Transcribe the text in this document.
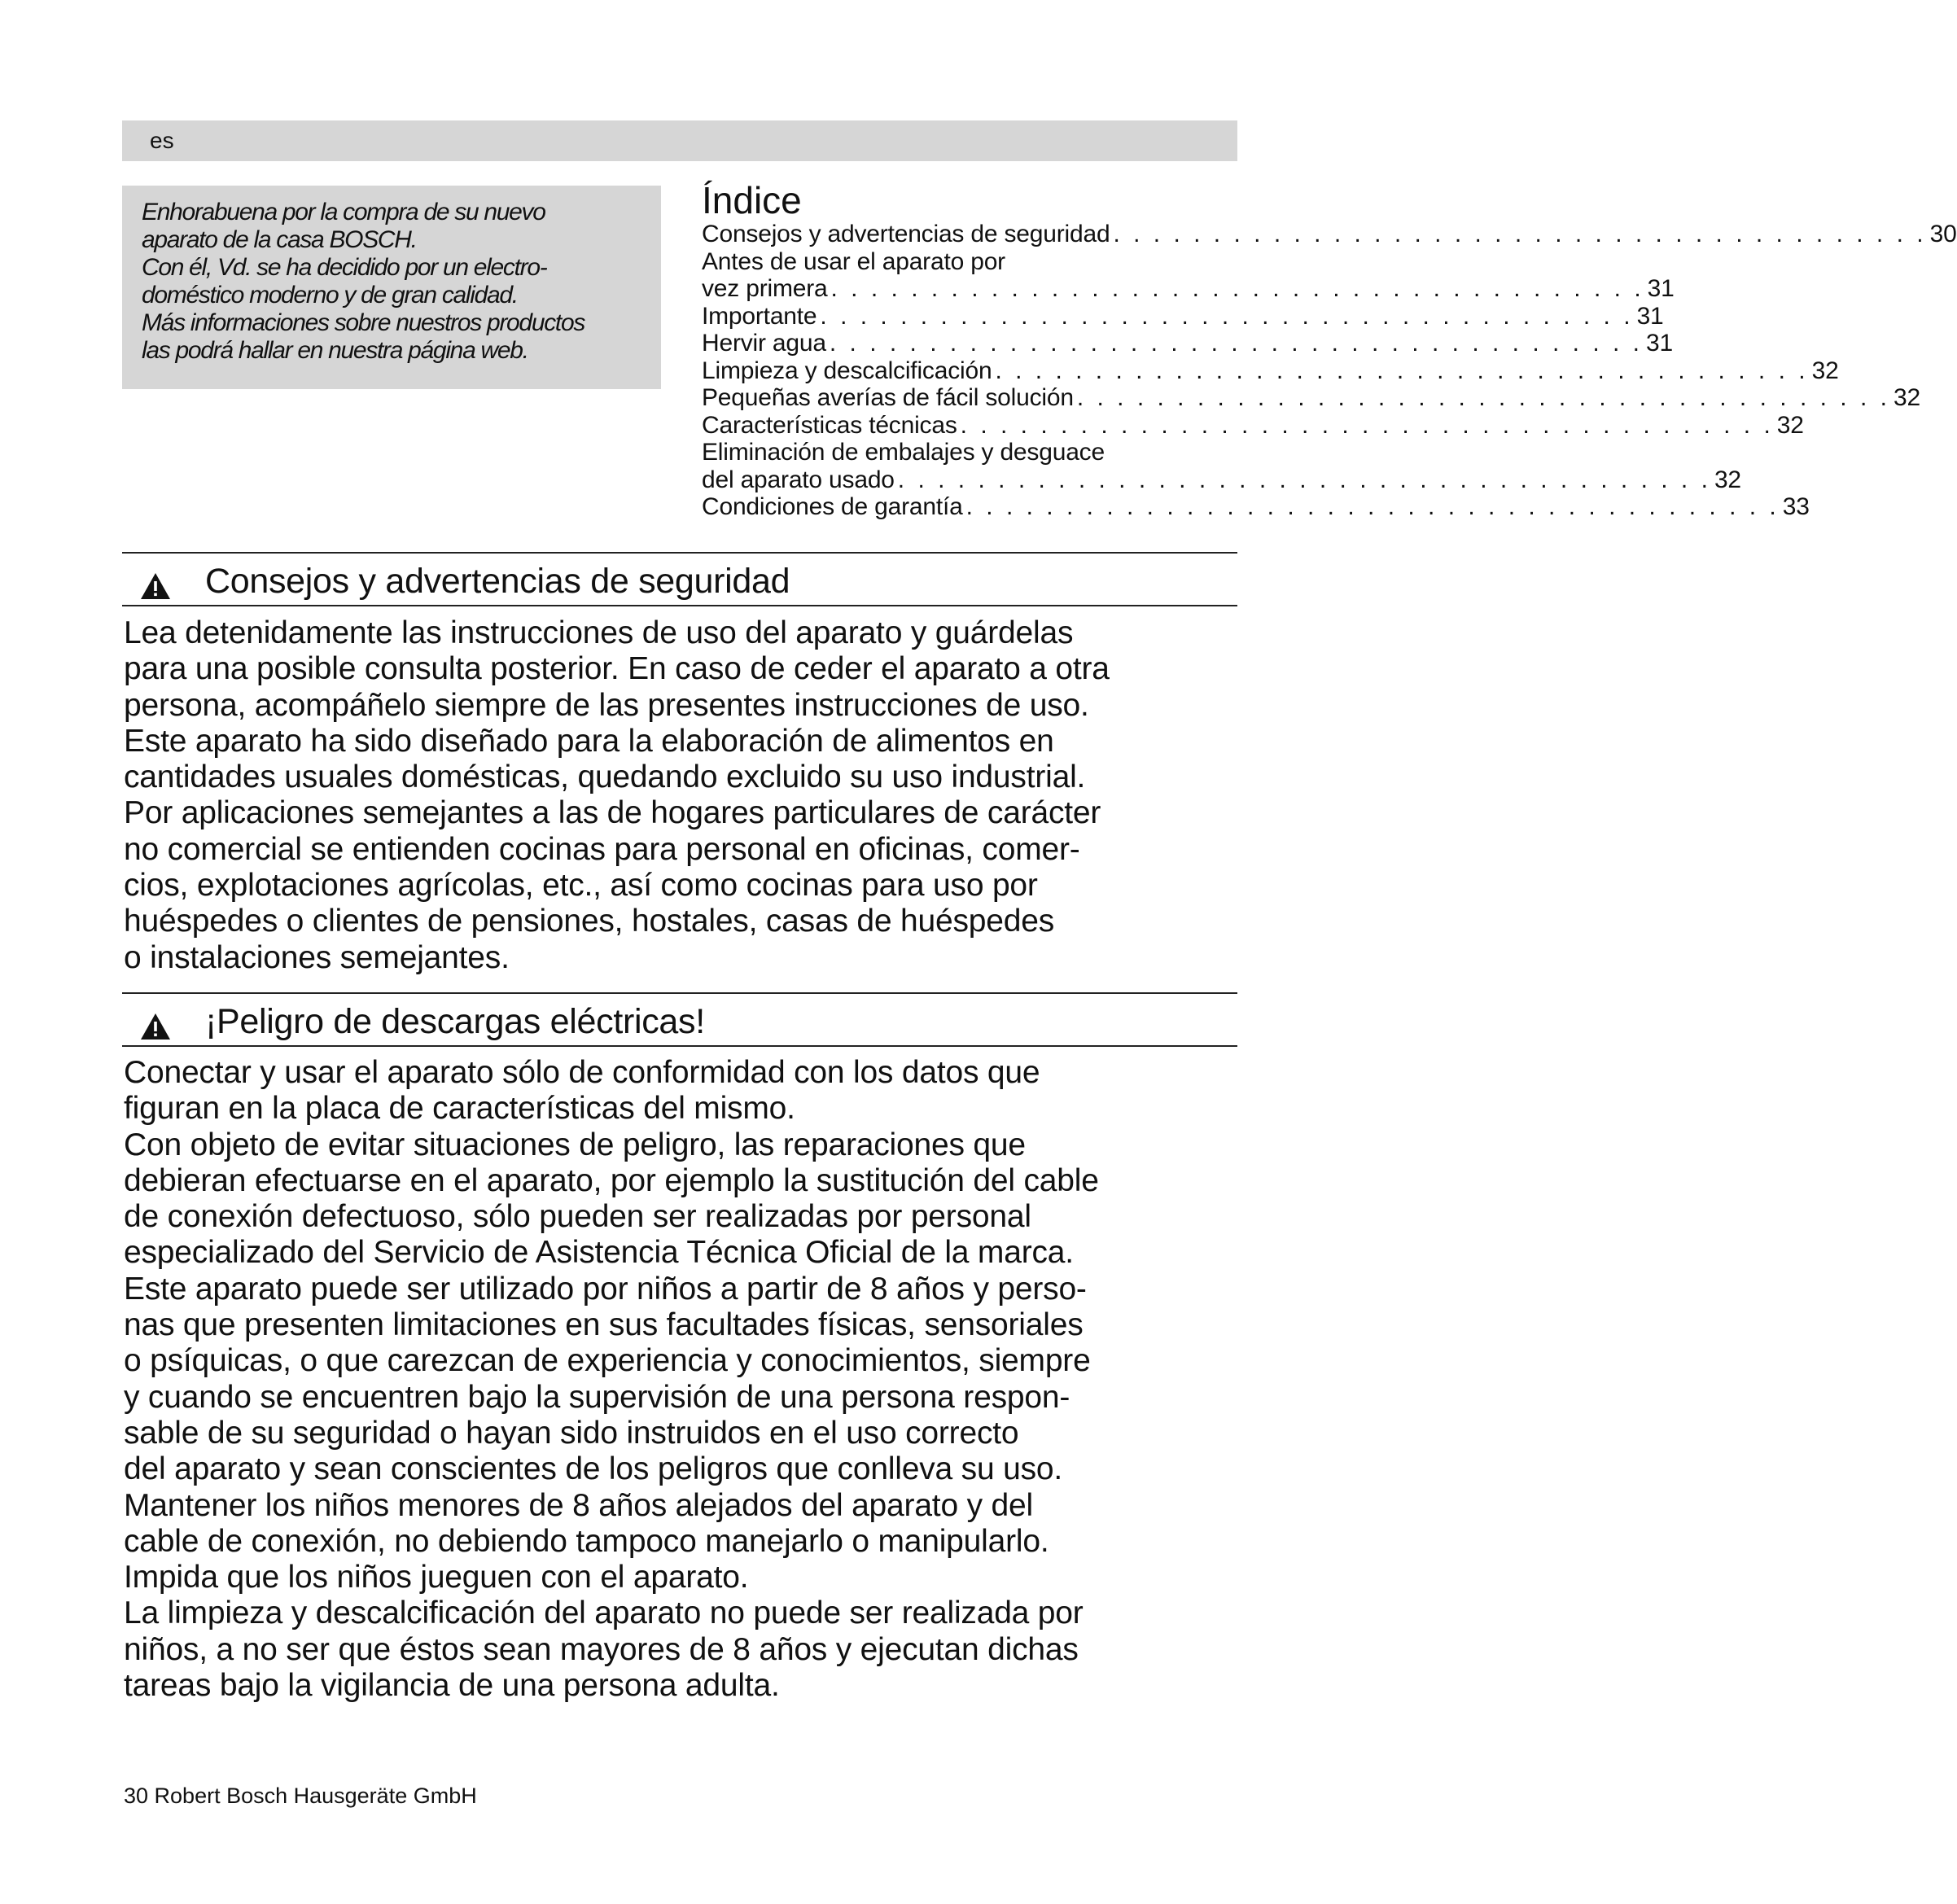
es
Enhorabuena por la compra de su nuevo
aparato de la casa BOSCH.
Con él, Vd. se ha decidido por un electro-
doméstico moderno y de gran calidad.
Más informaciones sobre nuestros productos
las podrá hallar en nuestra página web.
Índice
Consejos y advertencias de seguridad . . . . . . . . . . . . . . . . . . . . . . . . . . . . . . . . . . . . . . . . . 30
Antes de usar el aparato por
vez primera . . . . . . . . . . . . . . . . . . . . . . . . . . . . . . . . . . . . . . . . . 31
Importante . . . . . . . . . . . . . . . . . . . . . . . . . . . . . . . . . . . . . . . . . 31
Hervir agua . . . . . . . . . . . . . . . . . . . . . . . . . . . . . . . . . . . . . . . . . 31
Limpieza y descalcificación . . . . . . . . . . . . . . . . . . . . . . . . . . . . . . . . . . . . . . . . . 32
Pequeñas averías de fácil solución . . . . . . . . . . . . . . . . . . . . . . . . . . . . . . . . . . . . . . . . . 32
Características técnicas . . . . . . . . . . . . . . . . . . . . . . . . . . . . . . . . . . . . . . . . . 32
Eliminación de embalajes y desguace
del aparato usado . . . . . . . . . . . . . . . . . . . . . . . . . . . . . . . . . . . . . . . . . 32
Condiciones de garantía . . . . . . . . . . . . . . . . . . . . . . . . . . . . . . . . . . . . . . . . . 33
Consejos y advertencias de seguridad
Lea detenidamente las instrucciones de uso del aparato y guárdelas
para una posible consulta posterior. En caso de ceder el aparato a otra
persona, acompáñelo siempre de las presentes instrucciones de uso.
Este aparato ha sido diseñado para la elaboración de alimentos en
cantidades usuales domésticas, quedando excluido su uso industrial.
Por aplicaciones semejantes a las de hogares particulares de carácter
no comercial se entienden cocinas para personal en oficinas, comer-
cios, explotaciones agrícolas, etc., así como cocinas para uso por
huéspedes o clientes de pensiones, hostales, casas de huéspedes
o instalaciones semejantes.
¡Peligro de descargas eléctricas!
Conectar y usar el aparato sólo de conformidad con los datos que
figuran en la placa de características del mismo.
Con objeto de evitar situaciones de peligro, las reparaciones que
debieran efectuarse en el aparato, por ejemplo la sustitución del cable
de conexión defectuoso, sólo pueden ser realizadas por personal
especializado del Servicio de Asistencia Técnica Oficial de la marca.
Este aparato puede ser utilizado por niños a partir de 8 años y perso-
nas que presenten limitaciones en sus facultades físicas, sensoriales
o psíquicas, o que carezcan de experiencia y conocimientos, siempre
y cuando se encuentren bajo la supervisión de una persona respon-
sable de su seguridad o hayan sido instruidos en el uso correcto
del aparato y sean conscientes de los peligros que conlleva su uso.
Mantener los niños menores de 8 años alejados del aparato y del
cable de conexión, no debiendo tampoco manejarlo o manipularlo.
Impida que los niños jueguen con el aparato.
La limpieza y descalcificación del aparato no puede ser realizada por
niños, a no ser que éstos sean mayores de 8 años y ejecutan dichas
tareas bajo la vigilancia de una persona adulta.
30 Robert Bosch Hausgeräte GmbH
